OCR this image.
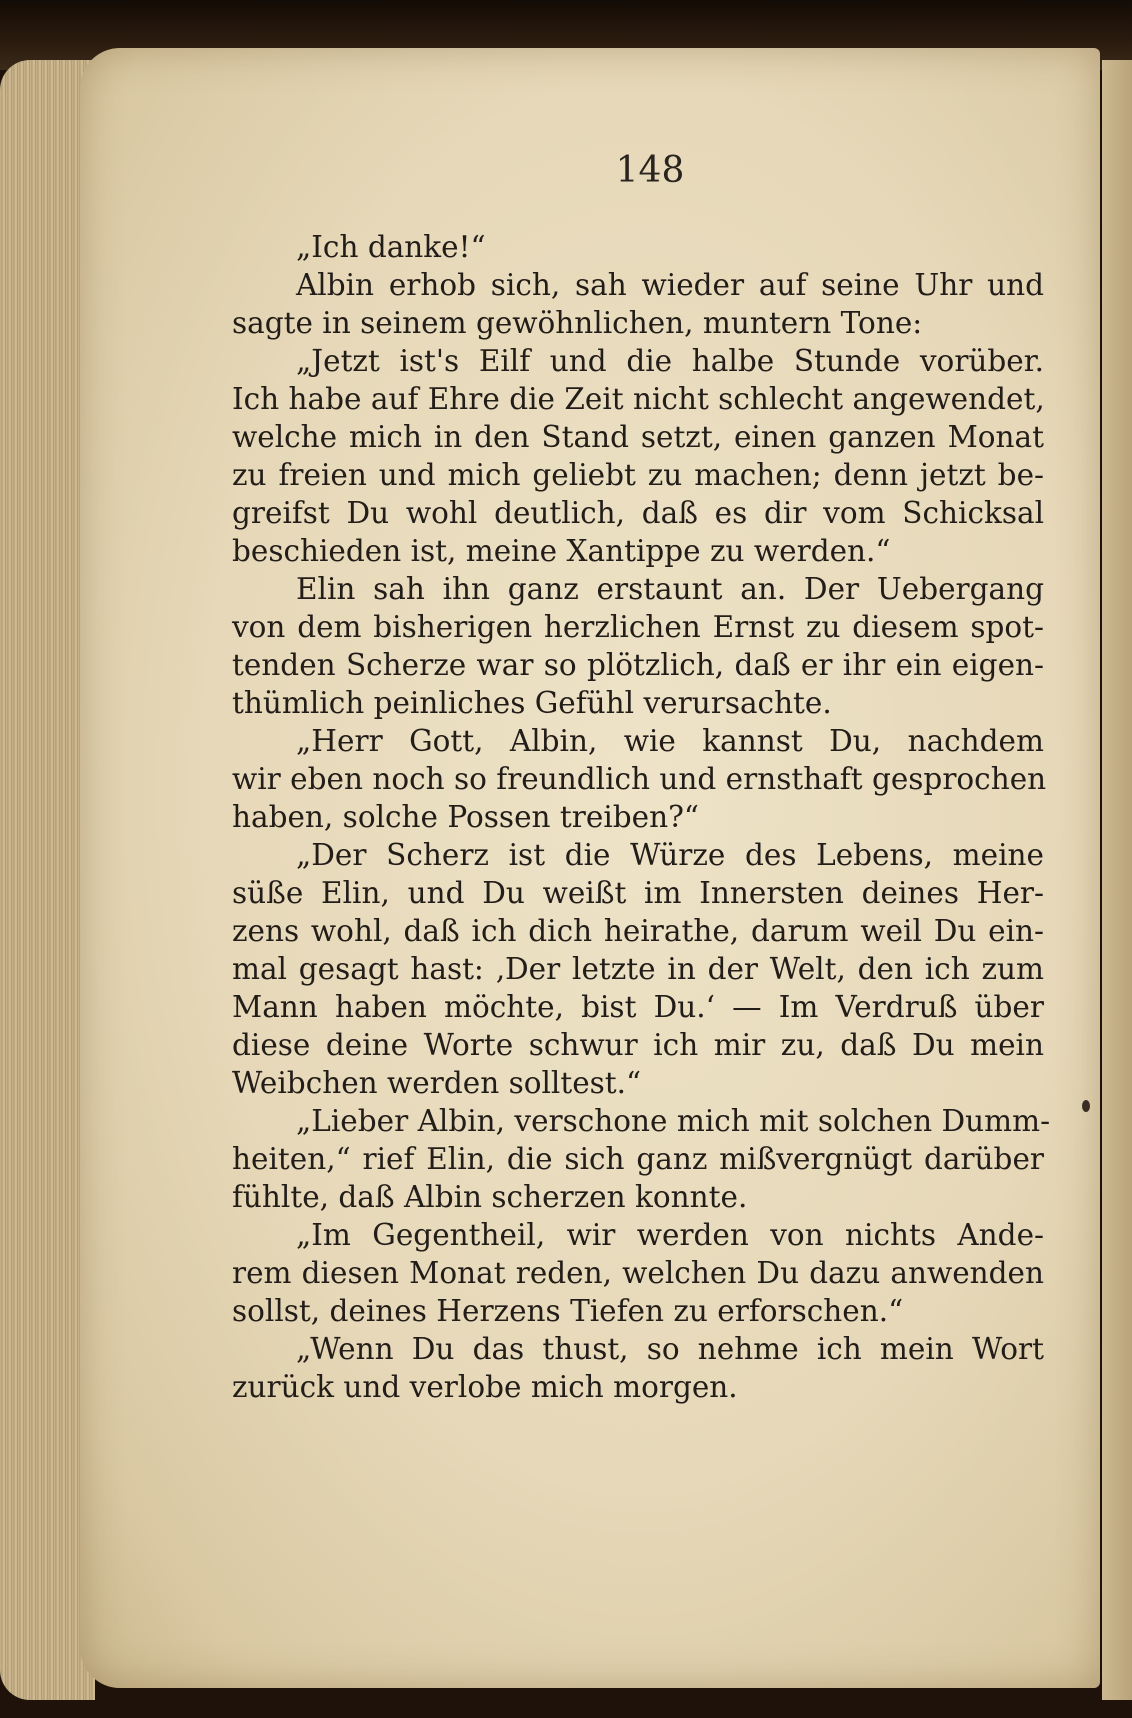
148
„Ich danke!“
Albin erhob sich, sah wieder auf seine Uhr und
sagte in seinem gewöhnlichen, muntern Tone:
„Jetzt ist's Eilf und die halbe Stunde vorüber.
Ich habe auf Ehre die Zeit nicht schlecht angewendet,
welche mich in den Stand setzt, einen ganzen Monat
zu freien und mich geliebt zu machen; denn jetzt be-
greifst Du wohl deutlich, daß es dir vom Schicksal
beschieden ist, meine Xantippe zu werden.“
Elin sah ihn ganz erstaunt an. Der Uebergang
von dem bisherigen herzlichen Ernst zu diesem spot-
tenden Scherze war so plötzlich, daß er ihr ein eigen-
thümlich peinliches Gefühl verursachte.
„Herr Gott, Albin, wie kannst Du, nachdem
wir eben noch so freundlich und ernsthaft gesprochen
haben, solche Possen treiben?“
„Der Scherz ist die Würze des Lebens, meine
süße Elin, und Du weißt im Innersten deines Her-
zens wohl, daß ich dich heirathe, darum weil Du ein-
mal gesagt hast: ‚Der letzte in der Welt, den ich zum
Mann haben möchte, bist Du.‘ — Im Verdruß über
diese deine Worte schwur ich mir zu, daß Du mein
Weibchen werden solltest.“
„Lieber Albin, verschone mich mit solchen Dumm-
heiten,“ rief Elin, die sich ganz mißvergnügt darüber
fühlte, daß Albin scherzen konnte.
„Im Gegentheil, wir werden von nichts Ande-
rem diesen Monat reden, welchen Du dazu anwenden
sollst, deines Herzens Tiefen zu erforschen.“
„Wenn Du das thust, so nehme ich mein Wort
zurück und verlobe mich morgen.
